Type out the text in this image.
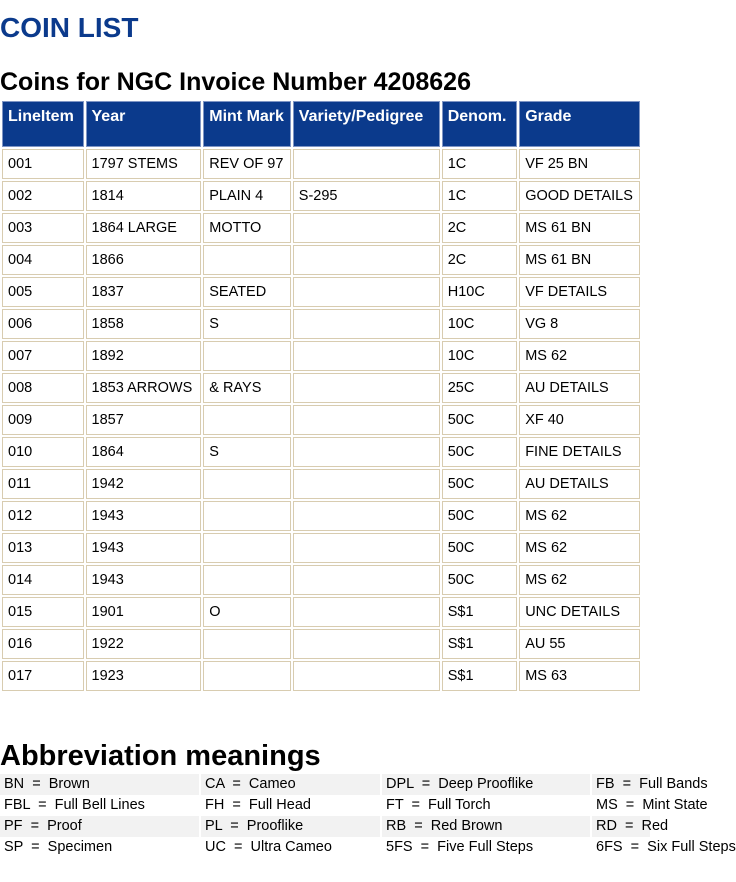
COIN LIST
Coins for NGC Invoice Number 4208626
LineItem	Year	Mint Mark	Variety/Pedigree	Denom.	Grade
001	1797 STEMS	REV OF 97		1C	VF 25 BN
002	1814	PLAIN 4	S-295	1C	GOOD DETAILS
003	1864 LARGE	MOTTO		2C	MS 61 BN
004	1866			2C	MS 61 BN
005	1837	SEATED		H10C	VF DETAILS
006	1858	S		10C	VG 8
007	1892			10C	MS 62
008	1853 ARROWS	& RAYS		25C	AU DETAILS
009	1857			50C	XF 40
010	1864	S		50C	FINE DETAILS
011	1942			50C	AU DETAILS
012	1943			50C	MS 62
013	1943			50C	MS 62
014	1943			50C	MS 62
015	1901	O		S$1	UNC DETAILS
016	1922			S$1	AU 55
017	1923			S$1	MS 63
Abbreviation meanings
BN  =  Brown	CA  =  Cameo	DPL  =  Deep Prooflike	FB  =  Full Bands
FBL  =  Full Bell Lines	FH  =  Full Head	FT  =  Full Torch	MS  =  Mint State
PF  =  Proof	PL  =  Prooflike	RB  =  Red Brown	RD  =  Red
SP  =  Specimen	UC  =  Ultra Cameo	5FS  =  Five Full Steps	6FS  =  Six Full Steps
